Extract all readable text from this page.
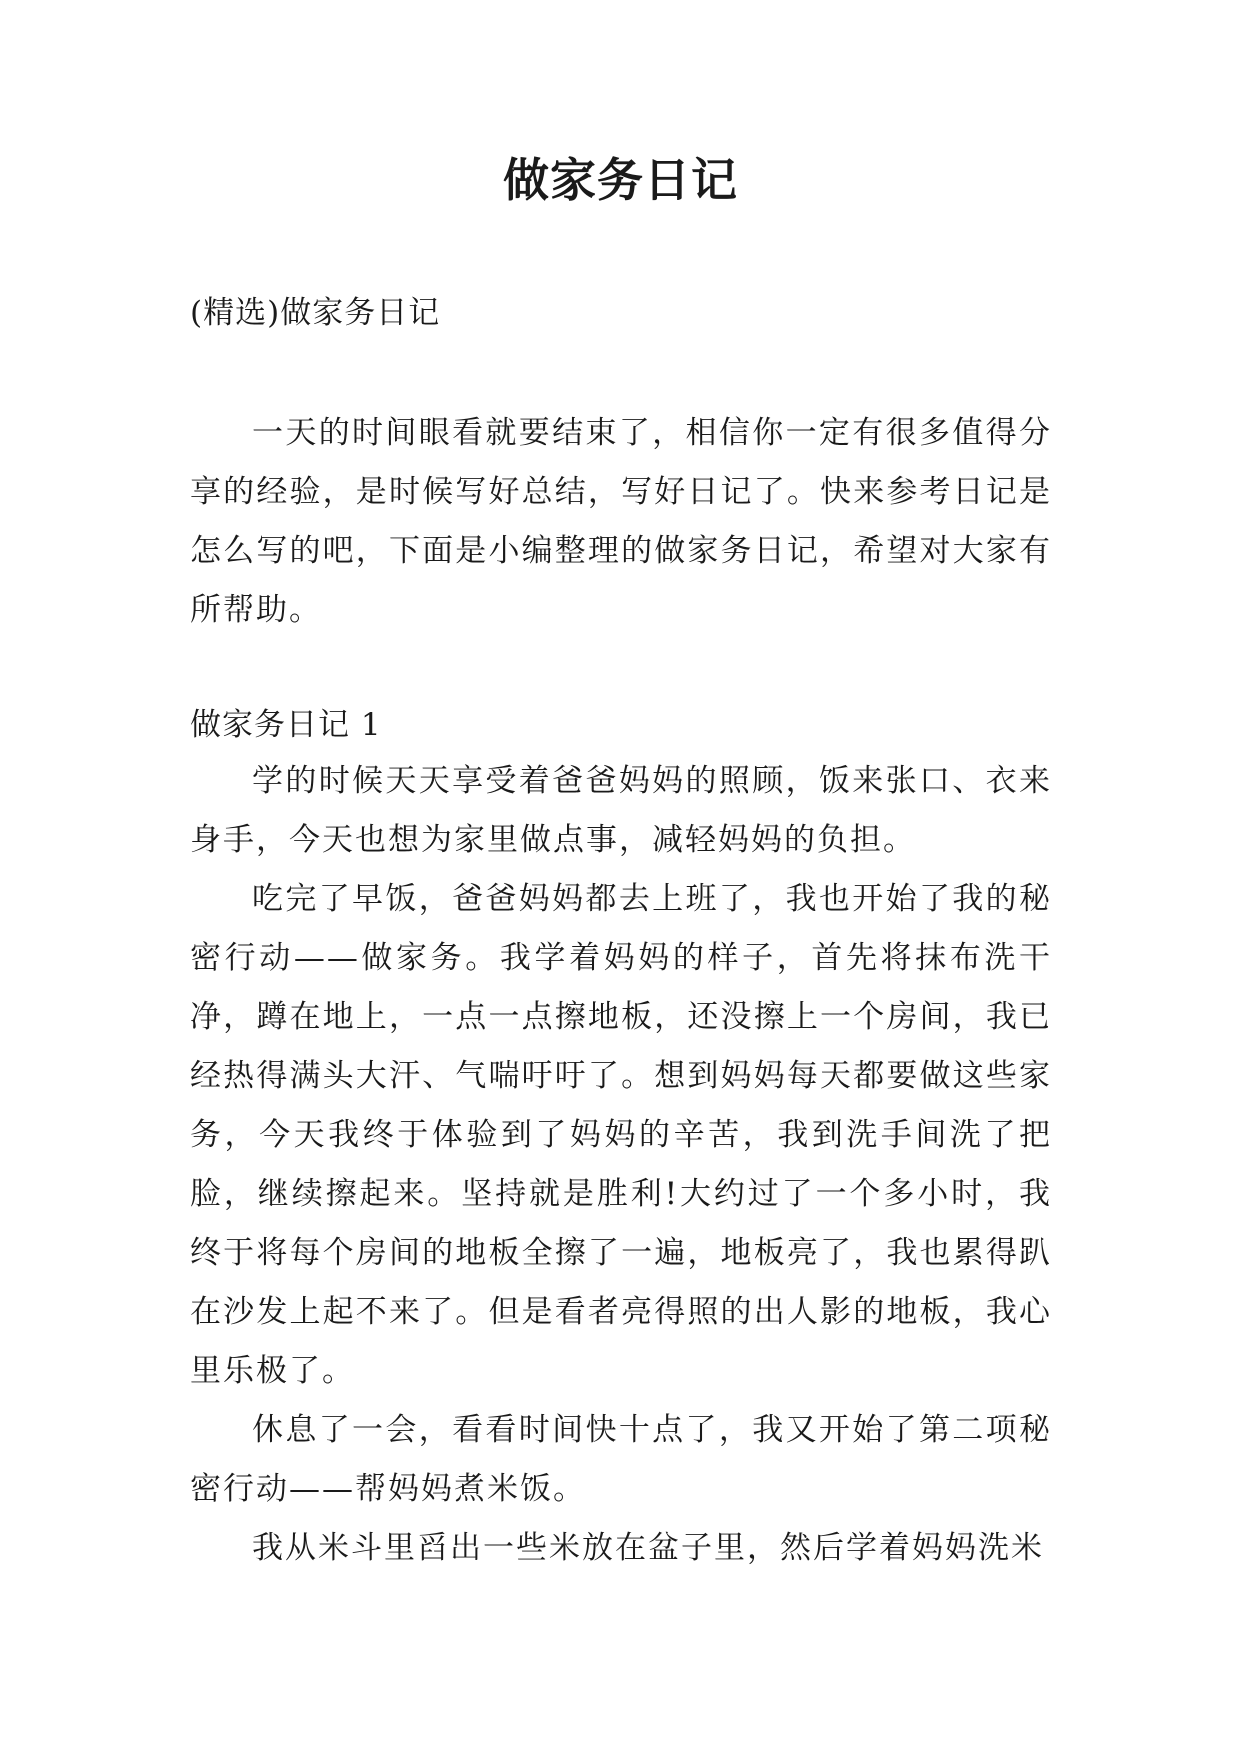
做家务日记
(精选)做家务日记

一天的时间眼看就要结束了，相信你一定有很多值得分享的经验，是时候写好总结，写好日记了。快来参考日记是怎么写的吧，下面是小编整理的做家务日记，希望对大家有所帮助。

做家务日记 1

学的时候天天享受着爸爸妈妈的照顾，饭来张口、衣来身手，今天也想为家里做点事，减轻妈妈的负担。

吃完了早饭，爸爸妈妈都去上班了，我也开始了我的秘密行动——做家务。我学着妈妈的样子，首先将抹布洗干净，蹲在地上，一点一点擦地板，还没擦上一个房间，我已经热得满头大汗、气喘吁吁了。想到妈妈每天都要做这些家务，今天我终于体验到了妈妈的辛苦，我到洗手间洗了把脸，继续擦起来。坚持就是胜利!大约过了一个多小时，我终于将每个房间的地板全擦了一遍，地板亮了，我也累得趴在沙发上起不来了。但是看者亮得照的出人影的地板，我心里乐极了。

休息了一会，看看时间快十点了，我又开始了第二项秘密行动——帮妈妈煮米饭。

我从米斗里舀出一些米放在盆子里，然后学着妈妈洗米
